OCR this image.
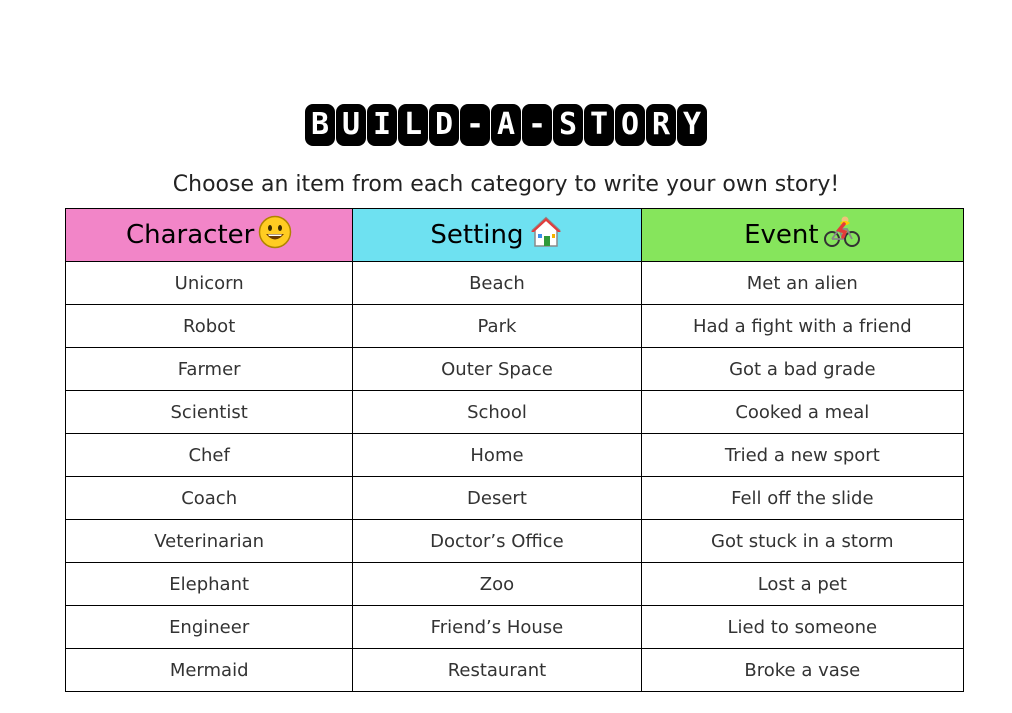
B U I L D - A - S T O R Y

Choose an item from each category to write your own story!

Character	Setting	Event

Unicorn	Beach	Met an alien
Robot	Park	Had a fight with a friend
Farmer	Outer Space	Got a bad grade
Scientist	School	Cooked a meal
Chef	Home	Tried a new sport
Coach	Desert	Fell off the slide
Veterinarian	Doctor’s Office	Got stuck in a storm
Elephant	Zoo	Lost a pet
Engineer	Friend’s House	Lied to someone
Mermaid	Restaurant	Broke a vase
